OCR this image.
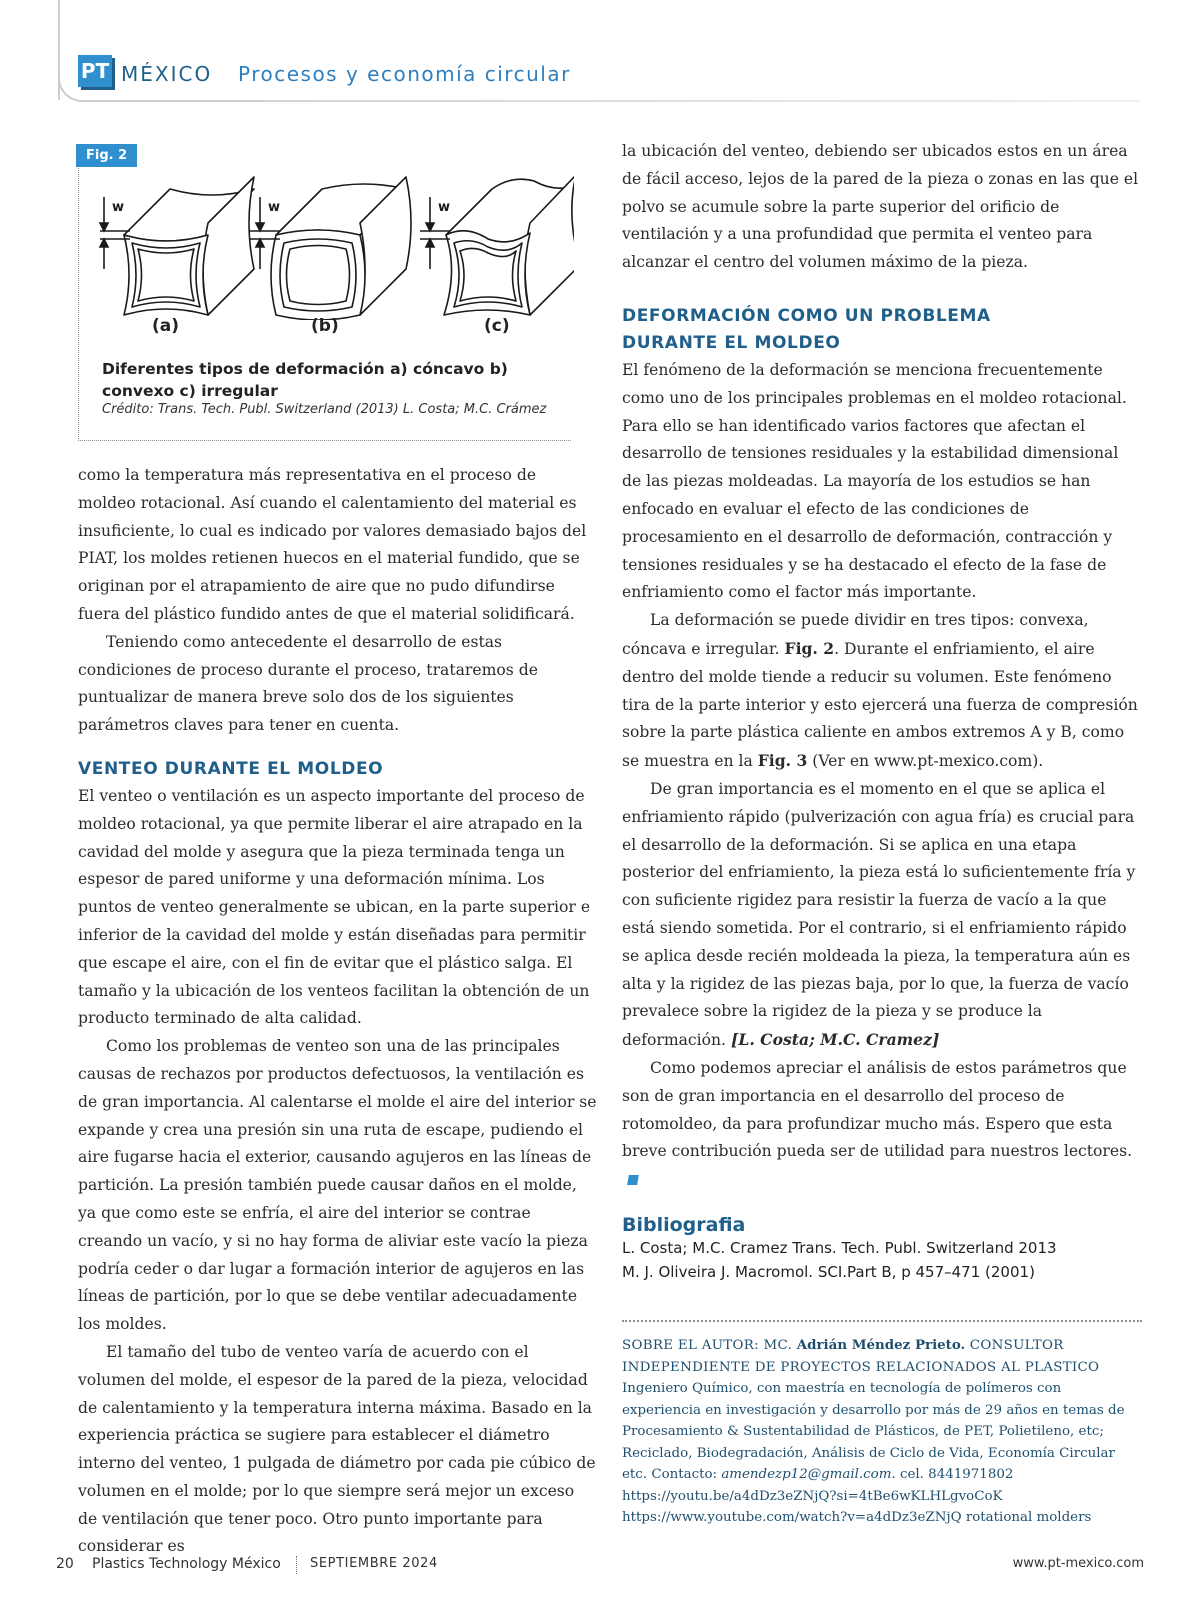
PT MÉXICO Procesos y economía circular
Fig. 2
w	w	w
(a)	(b)	(c)
Diferentes tipos de deformación a) cóncavo b) convexo c) irregular
Crédito: Trans. Tech. Publ. Switzerland (2013) L. Costa; M.C. Crámez

como la temperatura más representativa en el proceso de moldeo rotacional. Así cuando el calentamiento del material es insuficiente, lo cual es indicado por valores demasiado bajos del PIAT, los moldes retienen huecos en el material fundido, que se originan por el atrapamiento de aire que no pudo difundirse fuera del plástico fundido antes de que el material solidificará.

Teniendo como antecedente el desarrollo de estas condiciones de proceso durante el proceso, trataremos de puntualizar de manera breve solo dos de los siguientes parámetros claves para tener en cuenta.

VENTEO DURANTE EL MOLDEO

El venteo o ventilación es un aspecto importante del proceso de moldeo rotacional, ya que permite liberar el aire atrapado en la cavidad del molde y asegura que la pieza terminada tenga un espesor de pared uniforme y una deformación mínima. Los puntos de venteo generalmente se ubican, en la parte superior e inferior de la cavidad del molde y están diseñadas para permitir que escape el aire, con el fin de evitar que el plástico salga. El tamaño y la ubicación de los venteos facilitan la obtención de un producto terminado de alta calidad.

Como los problemas de venteo son una de las principales causas de rechazos por productos defectuosos, la ventilación es de gran importancia. Al calentarse el molde el aire del interior se expande y crea una presión sin una ruta de escape, pudiendo el aire fugarse hacia el exterior, causando agujeros en las líneas de partición. La presión también puede causar daños en el molde, ya que como este se enfría, el aire del interior se contrae creando un vacío, y si no hay forma de aliviar este vacío la pieza podría ceder o dar lugar a formación interior de agujeros en las líneas de partición, por lo que se debe ventilar adecuadamente los moldes.

El tamaño del tubo de venteo varía de acuerdo con el volumen del molde, el espesor de la pared de la pieza, velocidad de calentamiento y la temperatura interna máxima. Basado en la experiencia práctica se sugiere para establecer el diámetro interno del venteo, 1 pulgada de diámetro por cada pie cúbico de volumen en el molde; por lo que siempre será mejor un exceso de ventilación que tener poco. Otro punto importante para considerar es

la ubicación del venteo, debiendo ser ubicados estos en un área de fácil acceso, lejos de la pared de la pieza o zonas en las que el polvo se acumule sobre la parte superior del orificio de ventilación y a una profundidad que permita el venteo para alcanzar el centro del volumen máximo de la pieza.

DEFORMACIÓN COMO UN PROBLEMA DURANTE EL MOLDEO

El fenómeno de la deformación se menciona frecuentemente como uno de los principales problemas en el moldeo rotacional. Para ello se han identificado varios factores que afectan el desarrollo de tensiones residuales y la estabilidad dimensional de las piezas moldeadas. La mayoría de los estudios se han enfocado en evaluar el efecto de las condiciones de procesamiento en el desarrollo de deformación, contracción y tensiones residuales y se ha destacado el efecto de la fase de enfriamiento como el factor más importante.

La deformación se puede dividir en tres tipos: convexa, cóncava e irregular. Fig. 2. Durante el enfriamiento, el aire dentro del molde tiende a reducir su volumen. Este fenómeno tira de la parte interior y esto ejercerá una fuerza de compresión sobre la parte plástica caliente en ambos extremos A y B, como se muestra en la Fig. 3 (Ver en www.pt-mexico.com).

De gran importancia es el momento en el que se aplica el enfriamiento rápido (pulverización con agua fría) es crucial para el desarrollo de la deformación. Si se aplica en una etapa posterior del enfriamiento, la pieza está lo suficientemente fría y con suficiente rigidez para resistir la fuerza de vacío a la que está siendo sometida. Por el contrario, si el enfriamiento rápido se aplica desde recién moldeada la pieza, la temperatura aún es alta y la rigidez de las piezas baja, por lo que, la fuerza de vacío prevalece sobre la rigidez de la pieza y se produce la deformación. [L. Costa; M.C. Cramez]

Como podemos apreciar el análisis de estos parámetros que son de gran importancia en el desarrollo del proceso de rotomoldeo, da para profundizar mucho más. Espero que esta breve contribución pueda ser de utilidad para nuestros lectores.

Bibliografia
L. Costa; M.C. Cramez Trans. Tech. Publ. Switzerland 2013
M. J. Oliveira J. Macromol. SCI.Part B, p 457–471 (2001)
SOBRE EL AUTOR: MC. Adrián Méndez Prieto. CONSULTOR INDEPENDIENTE DE PROYECTOS RELACIONADOS AL PLASTICO
Ingeniero Químico, con maestría en tecnología de polímeros con experiencia en investigación y desarrollo por más de 29 años en temas de Procesamiento & Sustentabilidad de Plásticos, de PET, Polietileno, etc; Reciclado, Biodegradación, Análisis de Ciclo de Vida, Economía Circular etc. Contacto: amendezp12@gmail.com. cel. 8441971802
https://youtu.be/a4dDz3eZNjQ?si=4tBe6wKLHLgvoCoK
https://www.youtube.com/watch?v=a4dDz3eZNjQ rotational molders
20 Plastics Technology México SEPTIEMBRE 2024	www.pt-mexico.com
